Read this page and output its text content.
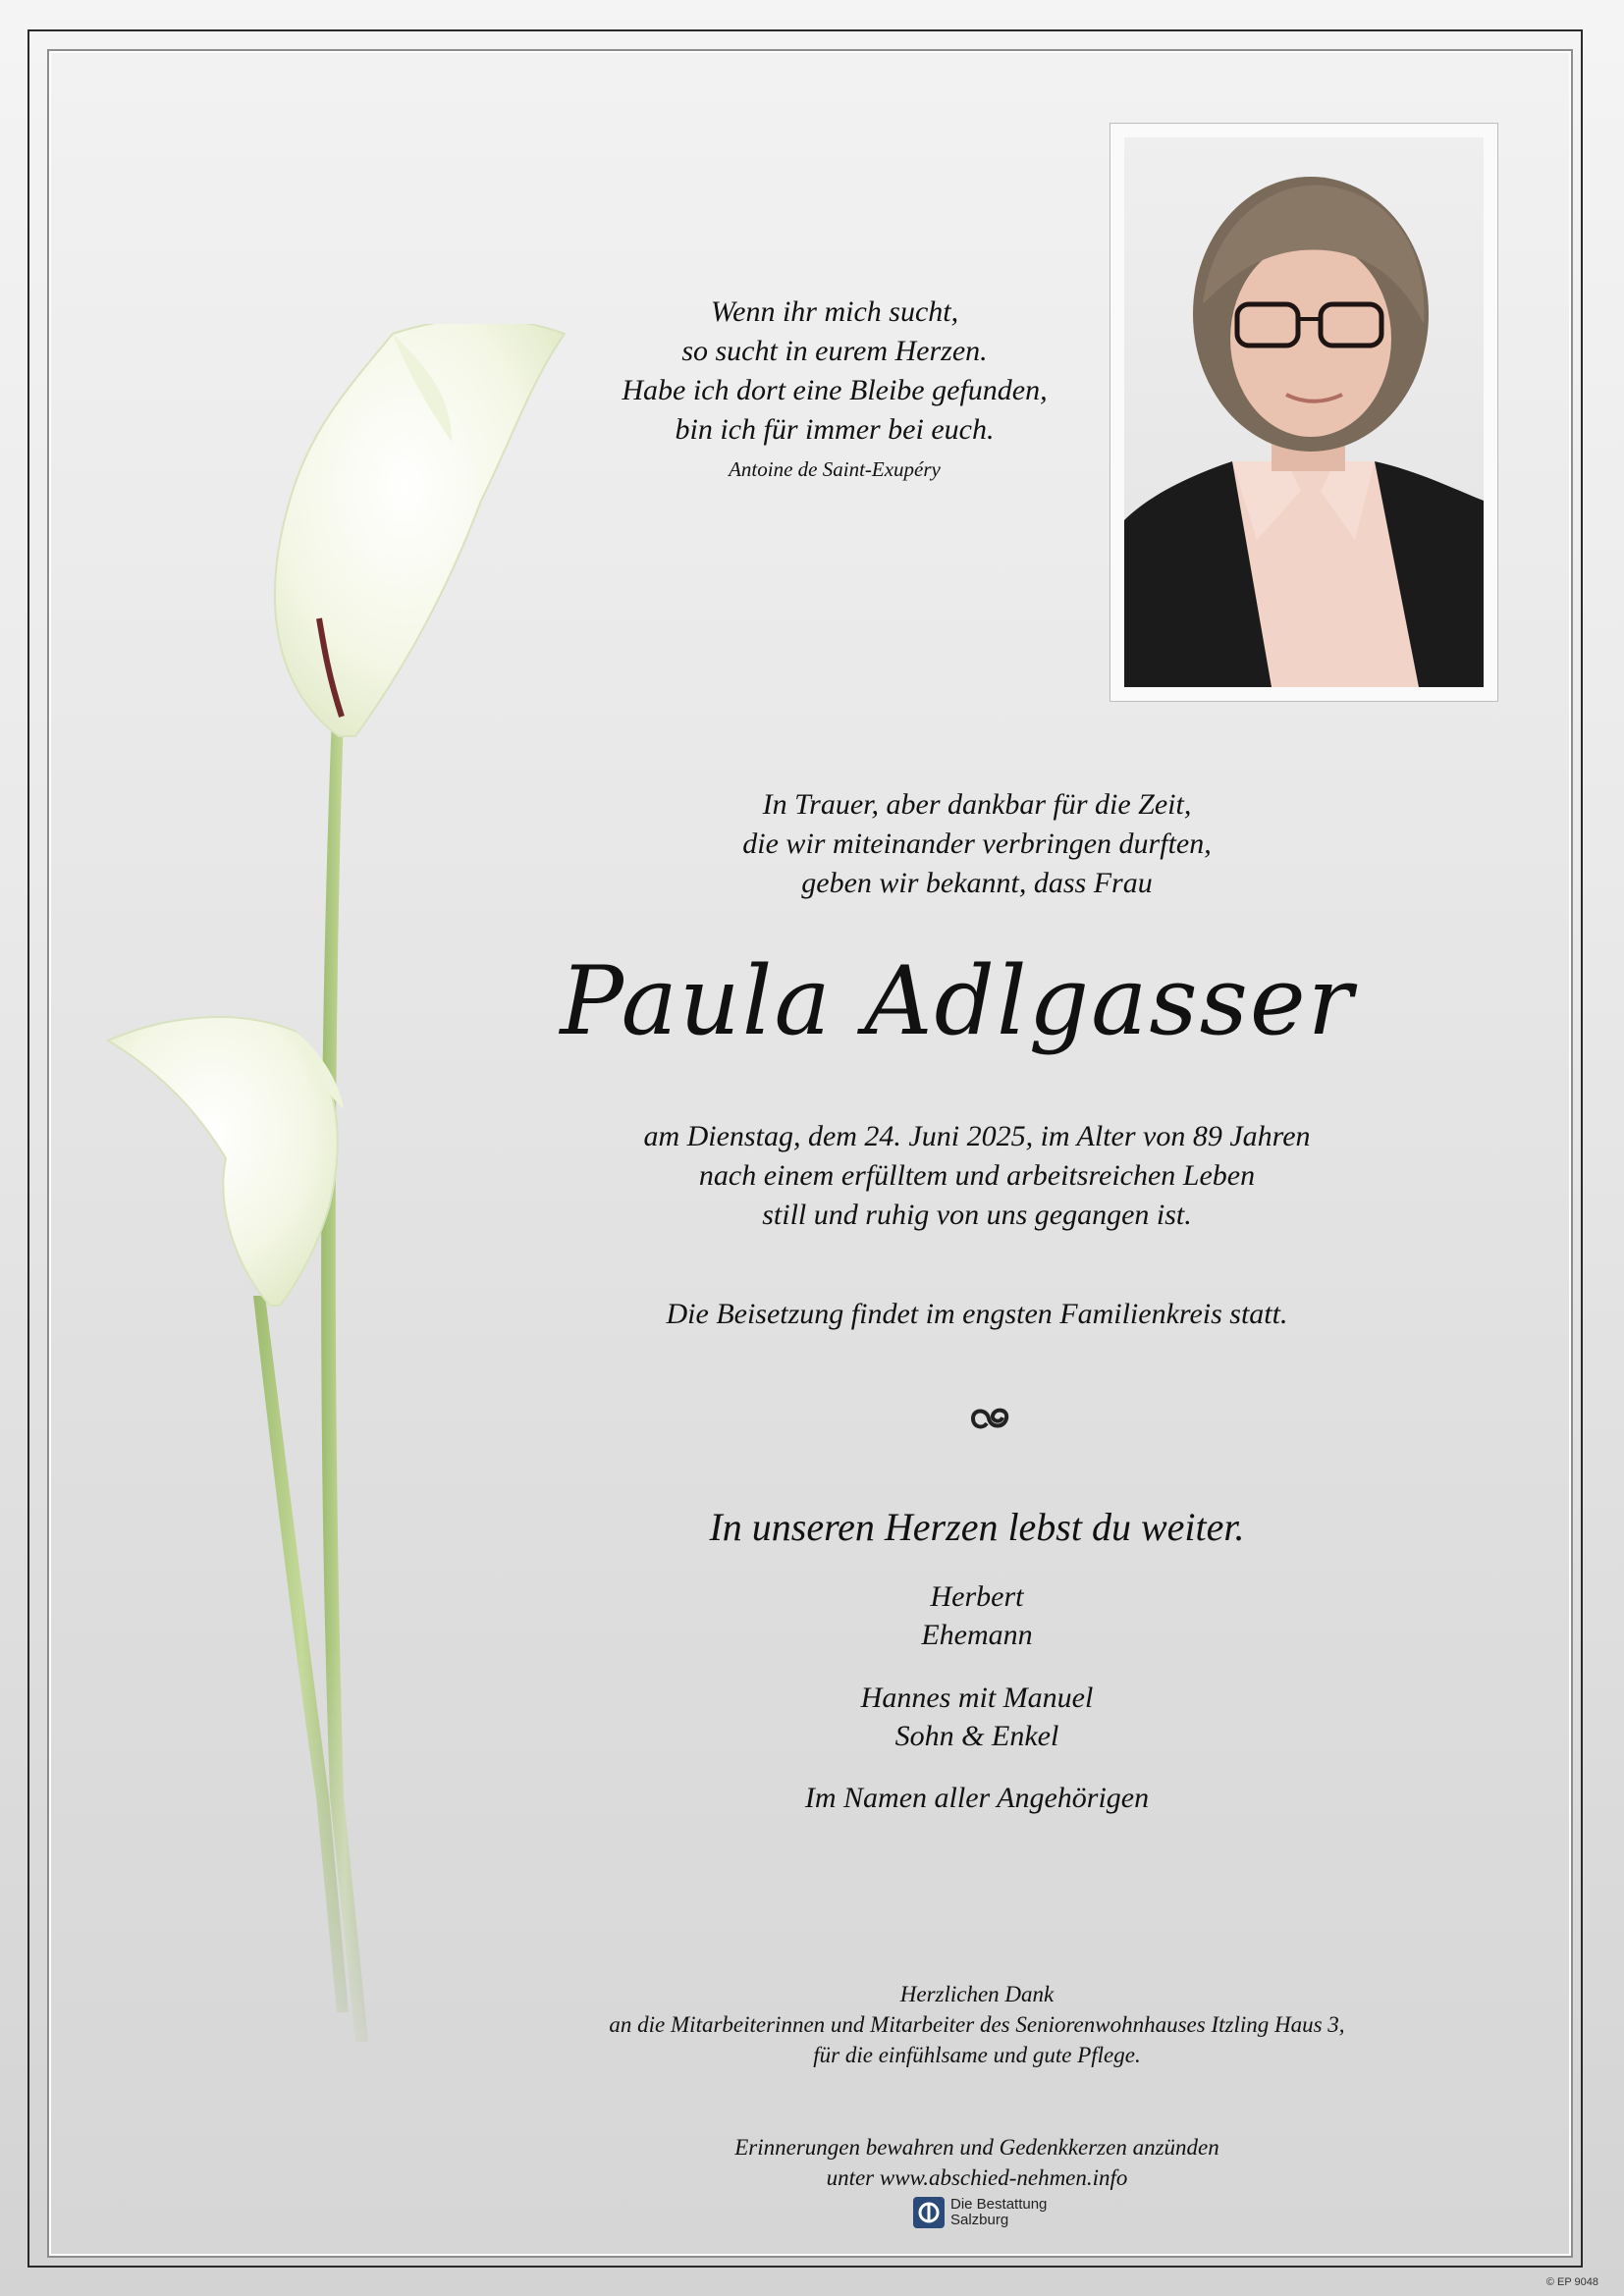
Wenn ihr mich sucht,
so sucht in eurem Herzen.
Habe ich dort eine Bleibe gefunden,
bin ich für immer bei euch.
Antoine de Saint-Exupéry
In Trauer, aber dankbar für die Zeit,
die wir miteinander verbringen durften,
geben wir bekannt, dass Frau
Paula Adlgasser
am Dienstag, dem 24. Juni 2025, im Alter von 89 Jahren
nach einem erfülltem und arbeitsreichen Leben
still und ruhig von uns gegangen ist.
Die Beisetzung findet im engsten Familienkreis statt.
In unseren Herzen lebst du weiter.
Herbert
Ehemann
Hannes mit Manuel
Sohn & Enkel
Im Namen aller Angehörigen
Herzlichen Dank
an die Mitarbeiterinnen und Mitarbeiter des Seniorenwohnhauses Itzling Haus 3,
für die einfühlsame und gute Pflege.
Erinnerungen bewahren und Gedenkkerzen anzünden
unter www.abschied-nehmen.info
Die Bestattung
Salzburg
© EP 9048
